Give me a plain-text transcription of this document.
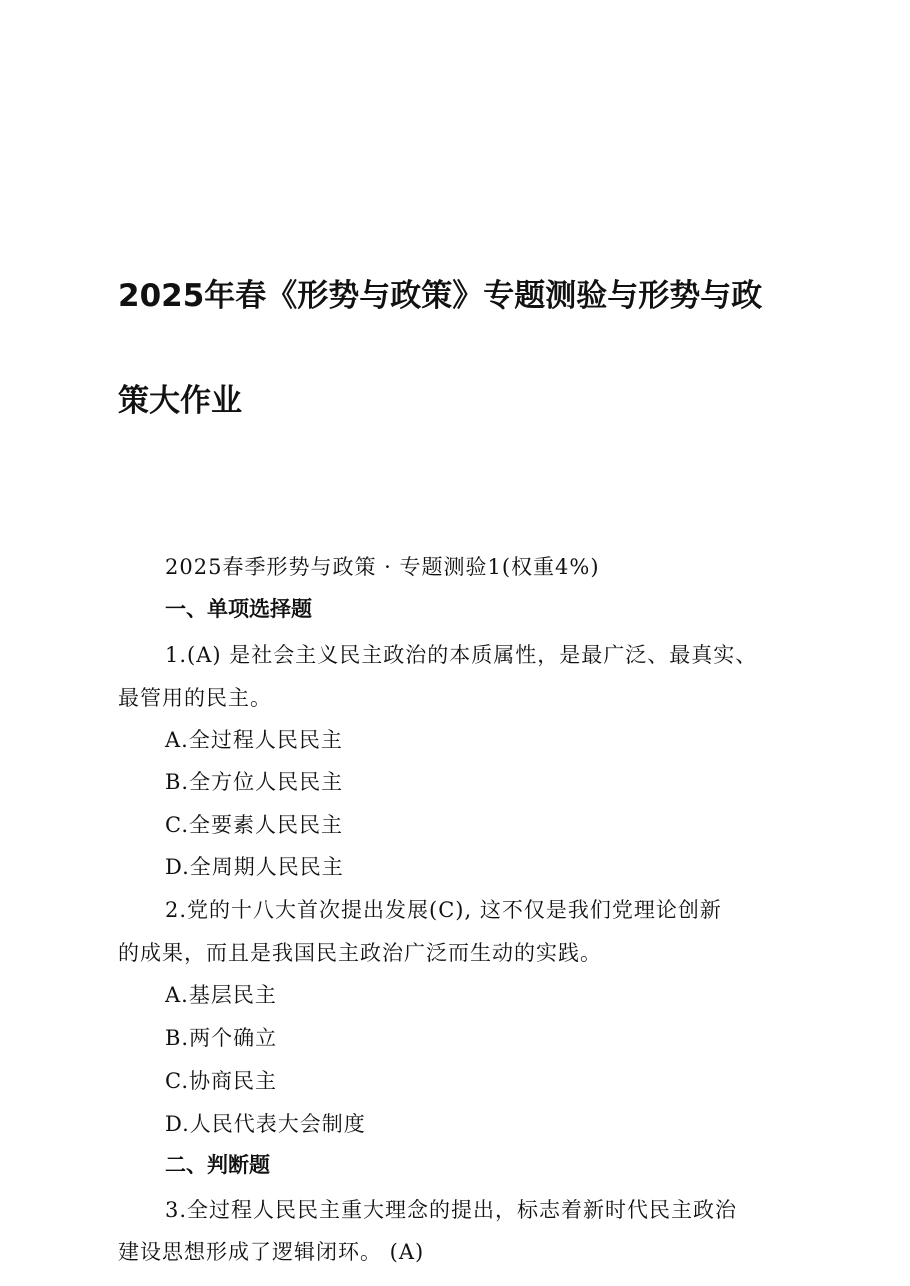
2025年春《形势与政策》专题测验与形势与政
策大作业
2025春季形势与政策 · 专题测验1(权重4%)
一、单项选择题
1.(A) 是社会主义民主政治的本质属性，是最广泛、最真实、
最管用的民主。
A.全过程人民民主
B.全方位人民民主
C.全要素人民民主
D.全周期人民民主
2.党的十八大首次提出发展(C), 这不仅是我们党理论创新
的成果，而且是我国民主政治广泛而生动的实践。
A.基层民主
B.两个确立
C.协商民主
D.人民代表大会制度
二、判断题
3.全过程人民民主重大理念的提出，标志着新时代民主政治
建设思想形成了逻辑闭环。 (A)
